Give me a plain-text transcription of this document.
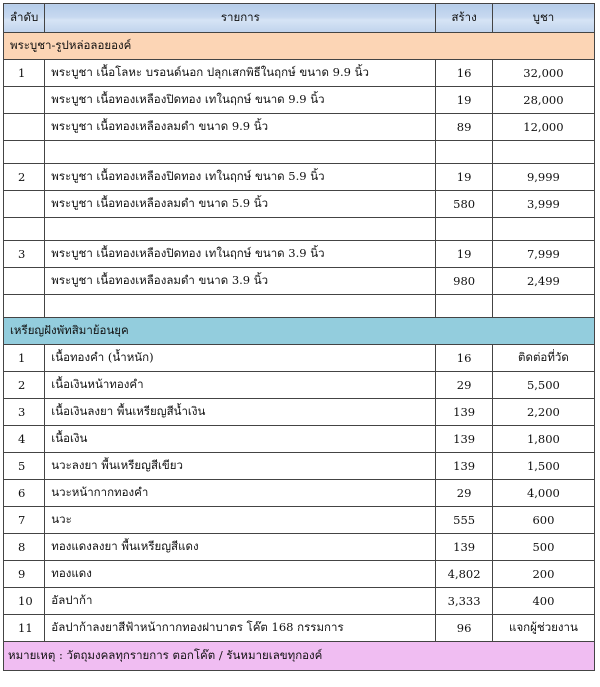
ลำดับ	รายการ	สร้าง	บูชา
พระบูชา-รูปหล่อลอยองค์			
1	พระบูชา เนื้อโลหะ บรอนด์นอก ปลุกเสกพิธีในฤกษ์ ขนาด 9.9 นิ้ว	16	32,000
	พระบูชา เนื้อทองเหลืองปิดทอง เทในฤกษ์ ขนาด 9.9 นิ้ว	19	28,000
	พระบูชา เนื้อทองเหลืองลมดำ ขนาด 9.9 นิ้ว	89	12,000

2	พระบูชา เนื้อทองเหลืองปิดทอง เทในฤกษ์ ขนาด 5.9 นิ้ว	19	9,999
	พระบูชา เนื้อทองเหลืองลมดำ ขนาด 5.9 นิ้ว	580	3,999

3	พระบูชา เนื้อทองเหลืองปิดทอง เทในฤกษ์ ขนาด 3.9 นิ้ว	19	7,999
	พระบูชา เนื้อทองเหลืองลมดำ ขนาด 3.9 นิ้ว	980	2,499

เหรียญฝังพัทสิมาย้อนยุค			
1	เนื้อทองคำ (น้ำหนัก)	16	ติดต่อที่วัด
2	เนื้อเงินหน้าทองคำ	29	5,500
3	เนื้อเงินลงยา พื้นเหรียญสีน้ำเงิน	139	2,200
4	เนื้อเงิน	139	1,800
5	นวะลงยา พื้นเหรียญสีเขียว	139	1,500
6	นวะหน้ากากทองคำ	29	4,000
7	นวะ	555	600
8	ทองแดงลงยา พื้นเหรียญสีแดง	139	500
9	ทองแดง	4,802	200
10	อัลปาก้า	3,333	400
11	อัลปาก้าลงยาสีฟ้าหน้ากากทองฝาบาตร โค๊ต 168 กรรมการ	96	แจกผู้ช่วยงาน
หมายเหตุ : วัตถุมงคลทุกรายการ ตอกโค๊ต / รันหมายเลขทุกองค์			
